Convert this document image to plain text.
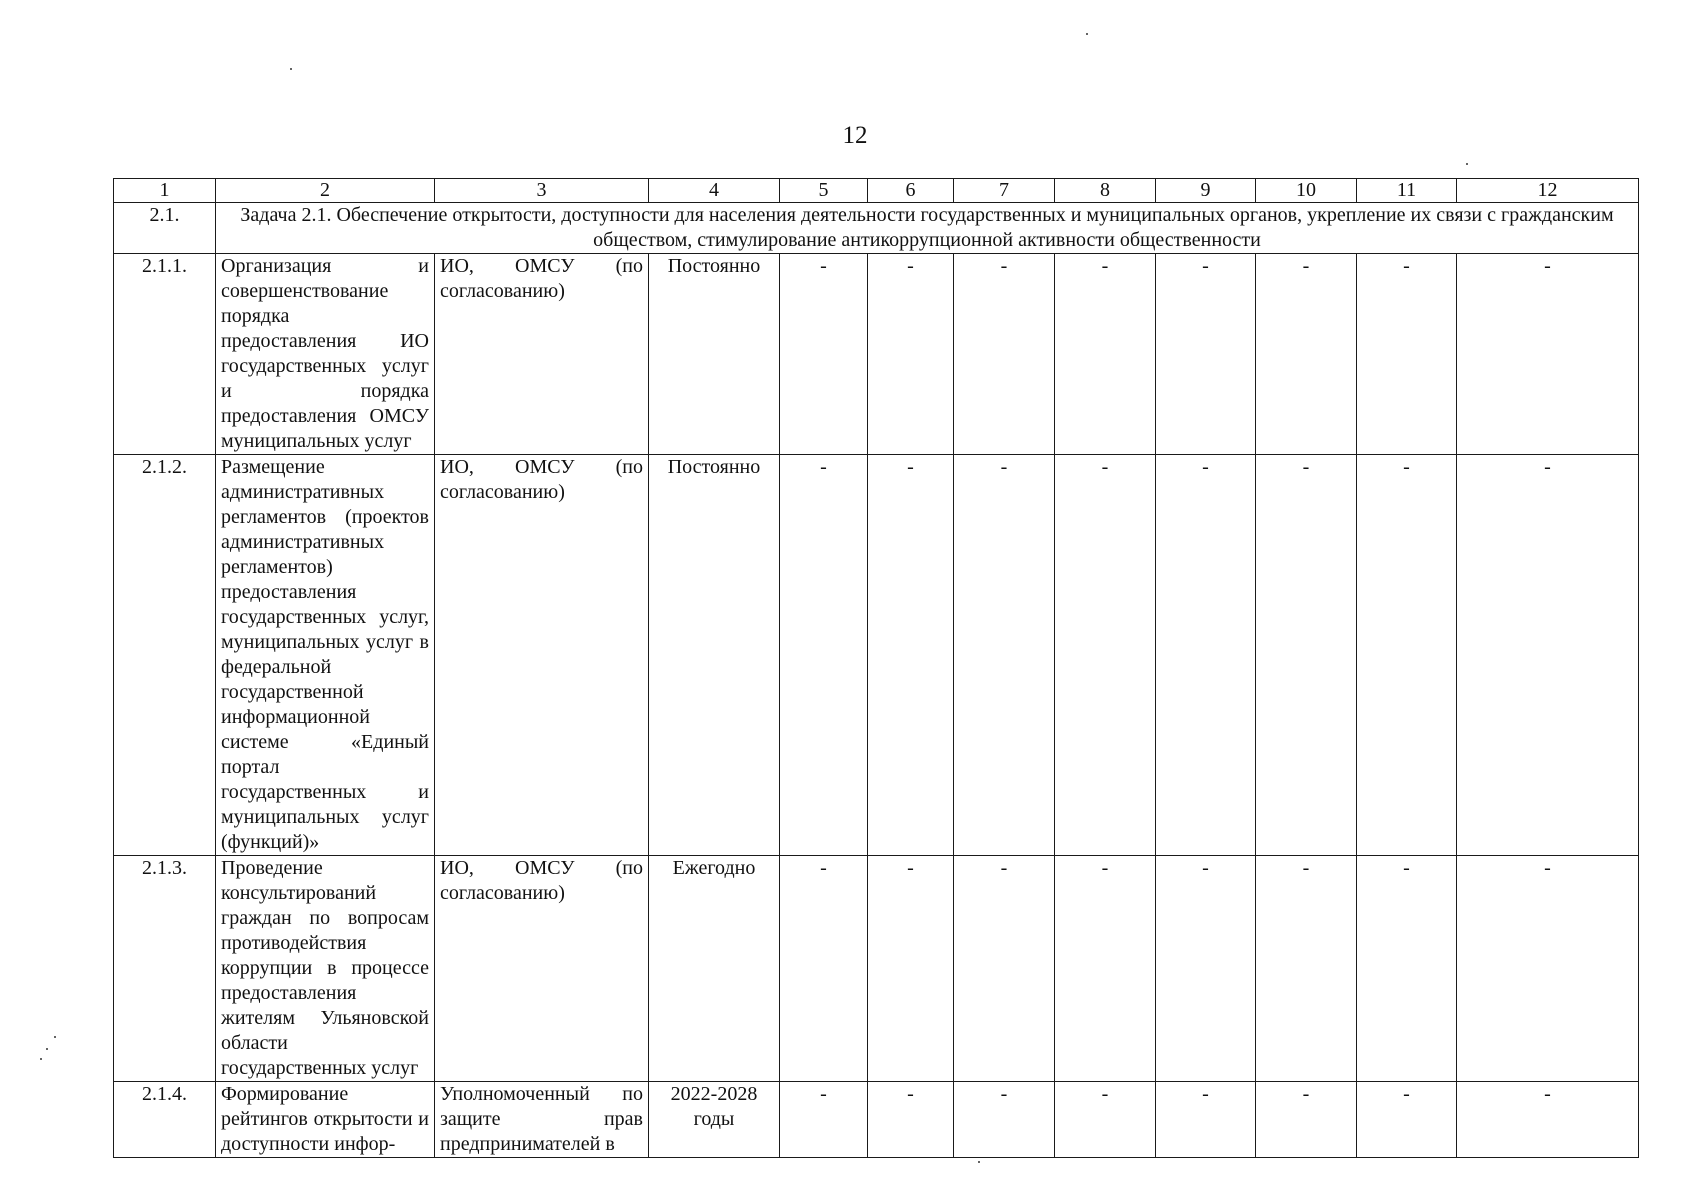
12
1	2	3	4	5	6	7	8	9	10	11	12
2.1.	Задача 2.1. Обеспечение открытости, доступности для населения деятельности государственных и муниципальных органов, укрепление их связи с гражданским обществом, стимулирование антикоррупционной активности общественности										
2.1.1.	Организация и совершенствование порядка предоставления ИО государственных услуг и порядка предоставления ОМСУ муниципальных услуг	ИО, ОМСУ (по согласованию)	Постоянно	-	-	-	-	-	-	-	-
2.1.2.	Размещение административных регламентов (проектов административных регламентов) предоставления государственных услуг, муниципальных услуг в федеральной государственной информационной системе «Единый портал государственных и муниципальных услуг (функций)»	ИО, ОМСУ (по согласованию)	Постоянно	-	-	-	-	-	-	-	-
2.1.3.	Проведение консультирований граждан по вопросам противодействия коррупции в процессе предоставления жителям Ульяновской области государственных услуг	ИО, ОМСУ (по согласованию)	Ежегодно	-	-	-	-	-	-	-	-
2.1.4.	Формирование рейтингов открытости и доступности инфор-	Уполномоченный по защите прав предпринимателей в	2022-2028 годы	-	-	-	-	-	-	-	-
